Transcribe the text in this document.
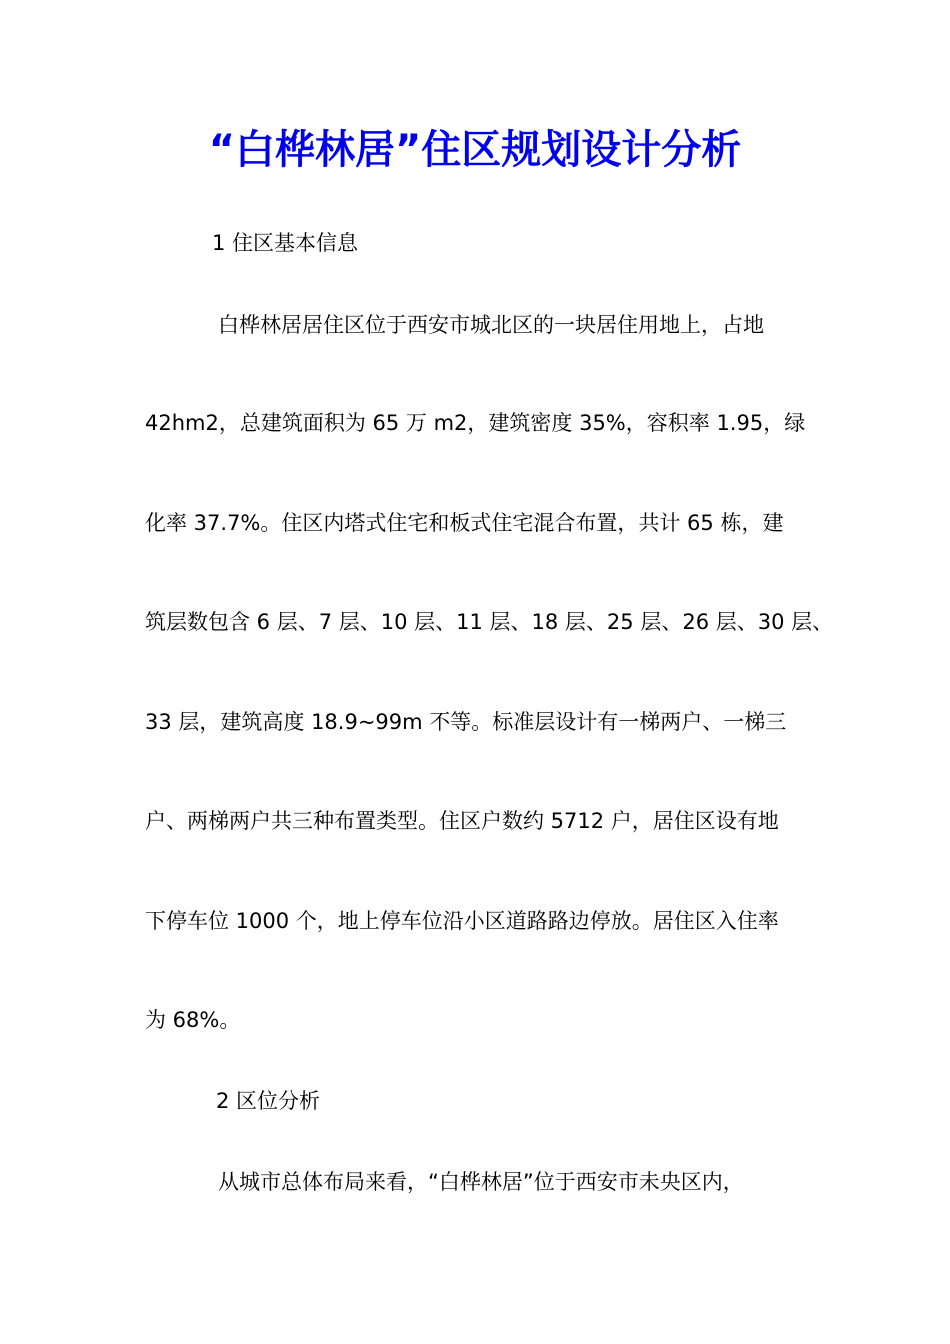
“白桦林居”住区规划设计分析
1 住区基本信息
白桦林居居住区位于西安市城北区的一块居住用地上，占地
42hm2，总建筑面积为 65 万 m2，建筑密度 35%，容积率 1.95，绿
化率 37.7%。住区内塔式住宅和板式住宅混合布置，共计 65 栋，建
筑层数包含 6 层、7 层、10 层、11 层、18 层、25 层、26 层、30 层、
33 层，建筑高度 18.9~99m 不等。标准层设计有一梯两户、一梯三
户、两梯两户共三种布置类型。住区户数约 5712 户，居住区设有地
下停车位 1000 个，地上停车位沿小区道路路边停放。居住区入住率
为 68%。
2 区位分析
从城市总体布局来看，“白桦林居”位于西安市未央区内，
